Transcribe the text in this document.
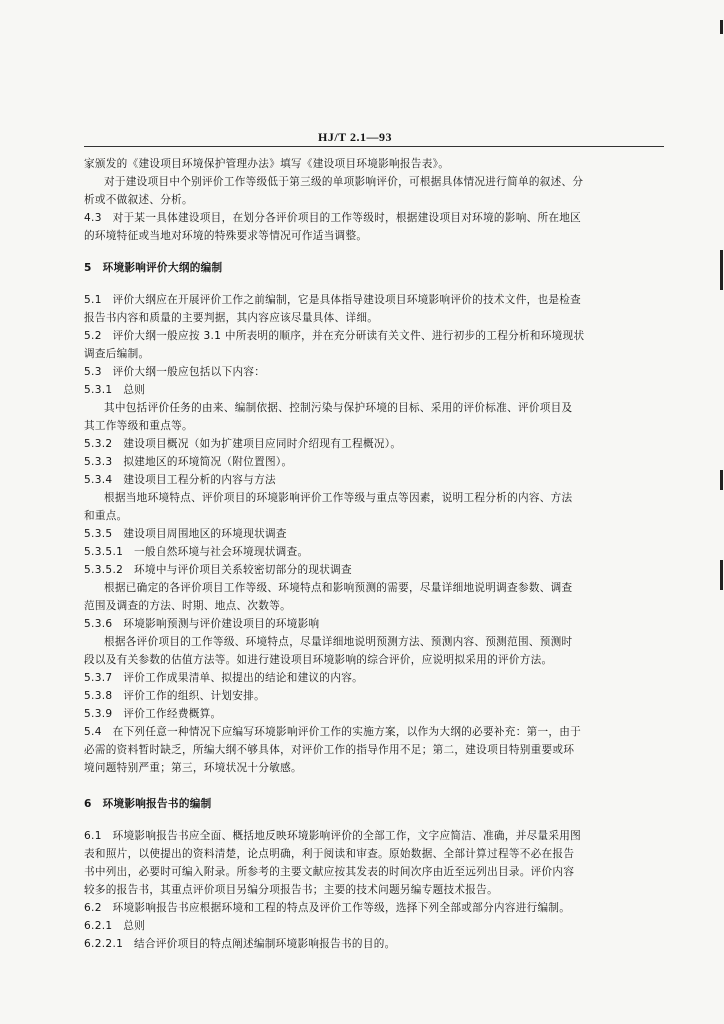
HJ/T 2.1—93
家颁发的《建设项目环境保护管理办法》填写《建设项目环境影响报告表》。
对于建设项目中个别评价工作等级低于第三级的单项影响评价，可根据具体情况进行简单的叙述、分
析或不做叙述、分析。
4.3　对于某一具体建设项目，在划分各评价项目的工作等级时，根据建设项目对环境的影响、所在地区
的环境特征或当地对环境的特殊要求等情况可作适当调整。
5　环境影响评价大纲的编制
5.1　评价大纲应在开展评价工作之前编制，它是具体指导建设项目环境影响评价的技术文件，也是检查
报告书内容和质量的主要判据，其内容应该尽量具体、详细。
5.2　评价大纲一般应按 3.1 中所表明的顺序，并在充分研读有关文件、进行初步的工程分析和环境现状
调查后编制。
5.3　评价大纲一般应包括以下内容：
5.3.1　总则
其中包括评价任务的由来、编制依据、控制污染与保护环境的目标、采用的评价标准、评价项目及
其工作等级和重点等。
5.3.2　建设项目概况（如为扩建项目应同时介绍现有工程概况）。
5.3.3　拟建地区的环境简况（附位置图）。
5.3.4　建设项目工程分析的内容与方法
根据当地环境特点、评价项目的环境影响评价工作等级与重点等因素，说明工程分析的内容、方法
和重点。
5.3.5　建设项目周围地区的环境现状调查
5.3.5.1　一般自然环境与社会环境现状调查。
5.3.5.2　环境中与评价项目关系较密切部分的现状调查
根据已确定的各评价项目工作等级、环境特点和影响预测的需要，尽量详细地说明调查参数、调查
范围及调查的方法、时期、地点、次数等。
5.3.6　环境影响预测与评价建设项目的环境影响
根据各评价项目的工作等级、环境特点，尽量详细地说明预测方法、预测内容、预测范围、预测时
段以及有关参数的估值方法等。如进行建设项目环境影响的综合评价，应说明拟采用的评价方法。
5.3.7　评价工作成果清单、拟提出的结论和建议的内容。
5.3.8　评价工作的组织、计划安排。
5.3.9　评价工作经费概算。
5.4　在下列任意一种情况下应编写环境影响评价工作的实施方案，以作为大纲的必要补充：第一，由于
必需的资料暂时缺乏，所编大纲不够具体，对评价工作的指导作用不足；第二，建设项目特别重要或环
境问题特别严重；第三，环境状况十分敏感。
6　环境影响报告书的编制
6.1　环境影响报告书应全面、概括地反映环境影响评价的全部工作，文字应简洁、准确，并尽量采用图
表和照片，以使提出的资料清楚，论点明确，利于阅读和审查。原始数据、全部计算过程等不必在报告
书中列出，必要时可编入附录。所参考的主要文献应按其发表的时间次序由近至远列出目录。评价内容
较多的报告书，其重点评价项目另编分项报告书；主要的技术问题另编专题技术报告。
6.2　环境影响报告书应根据环境和工程的特点及评价工作等级，选择下列全部或部分内容进行编制。
6.2.1　总则
6.2.2.1　结合评价项目的特点阐述编制环境影响报告书的目的。
